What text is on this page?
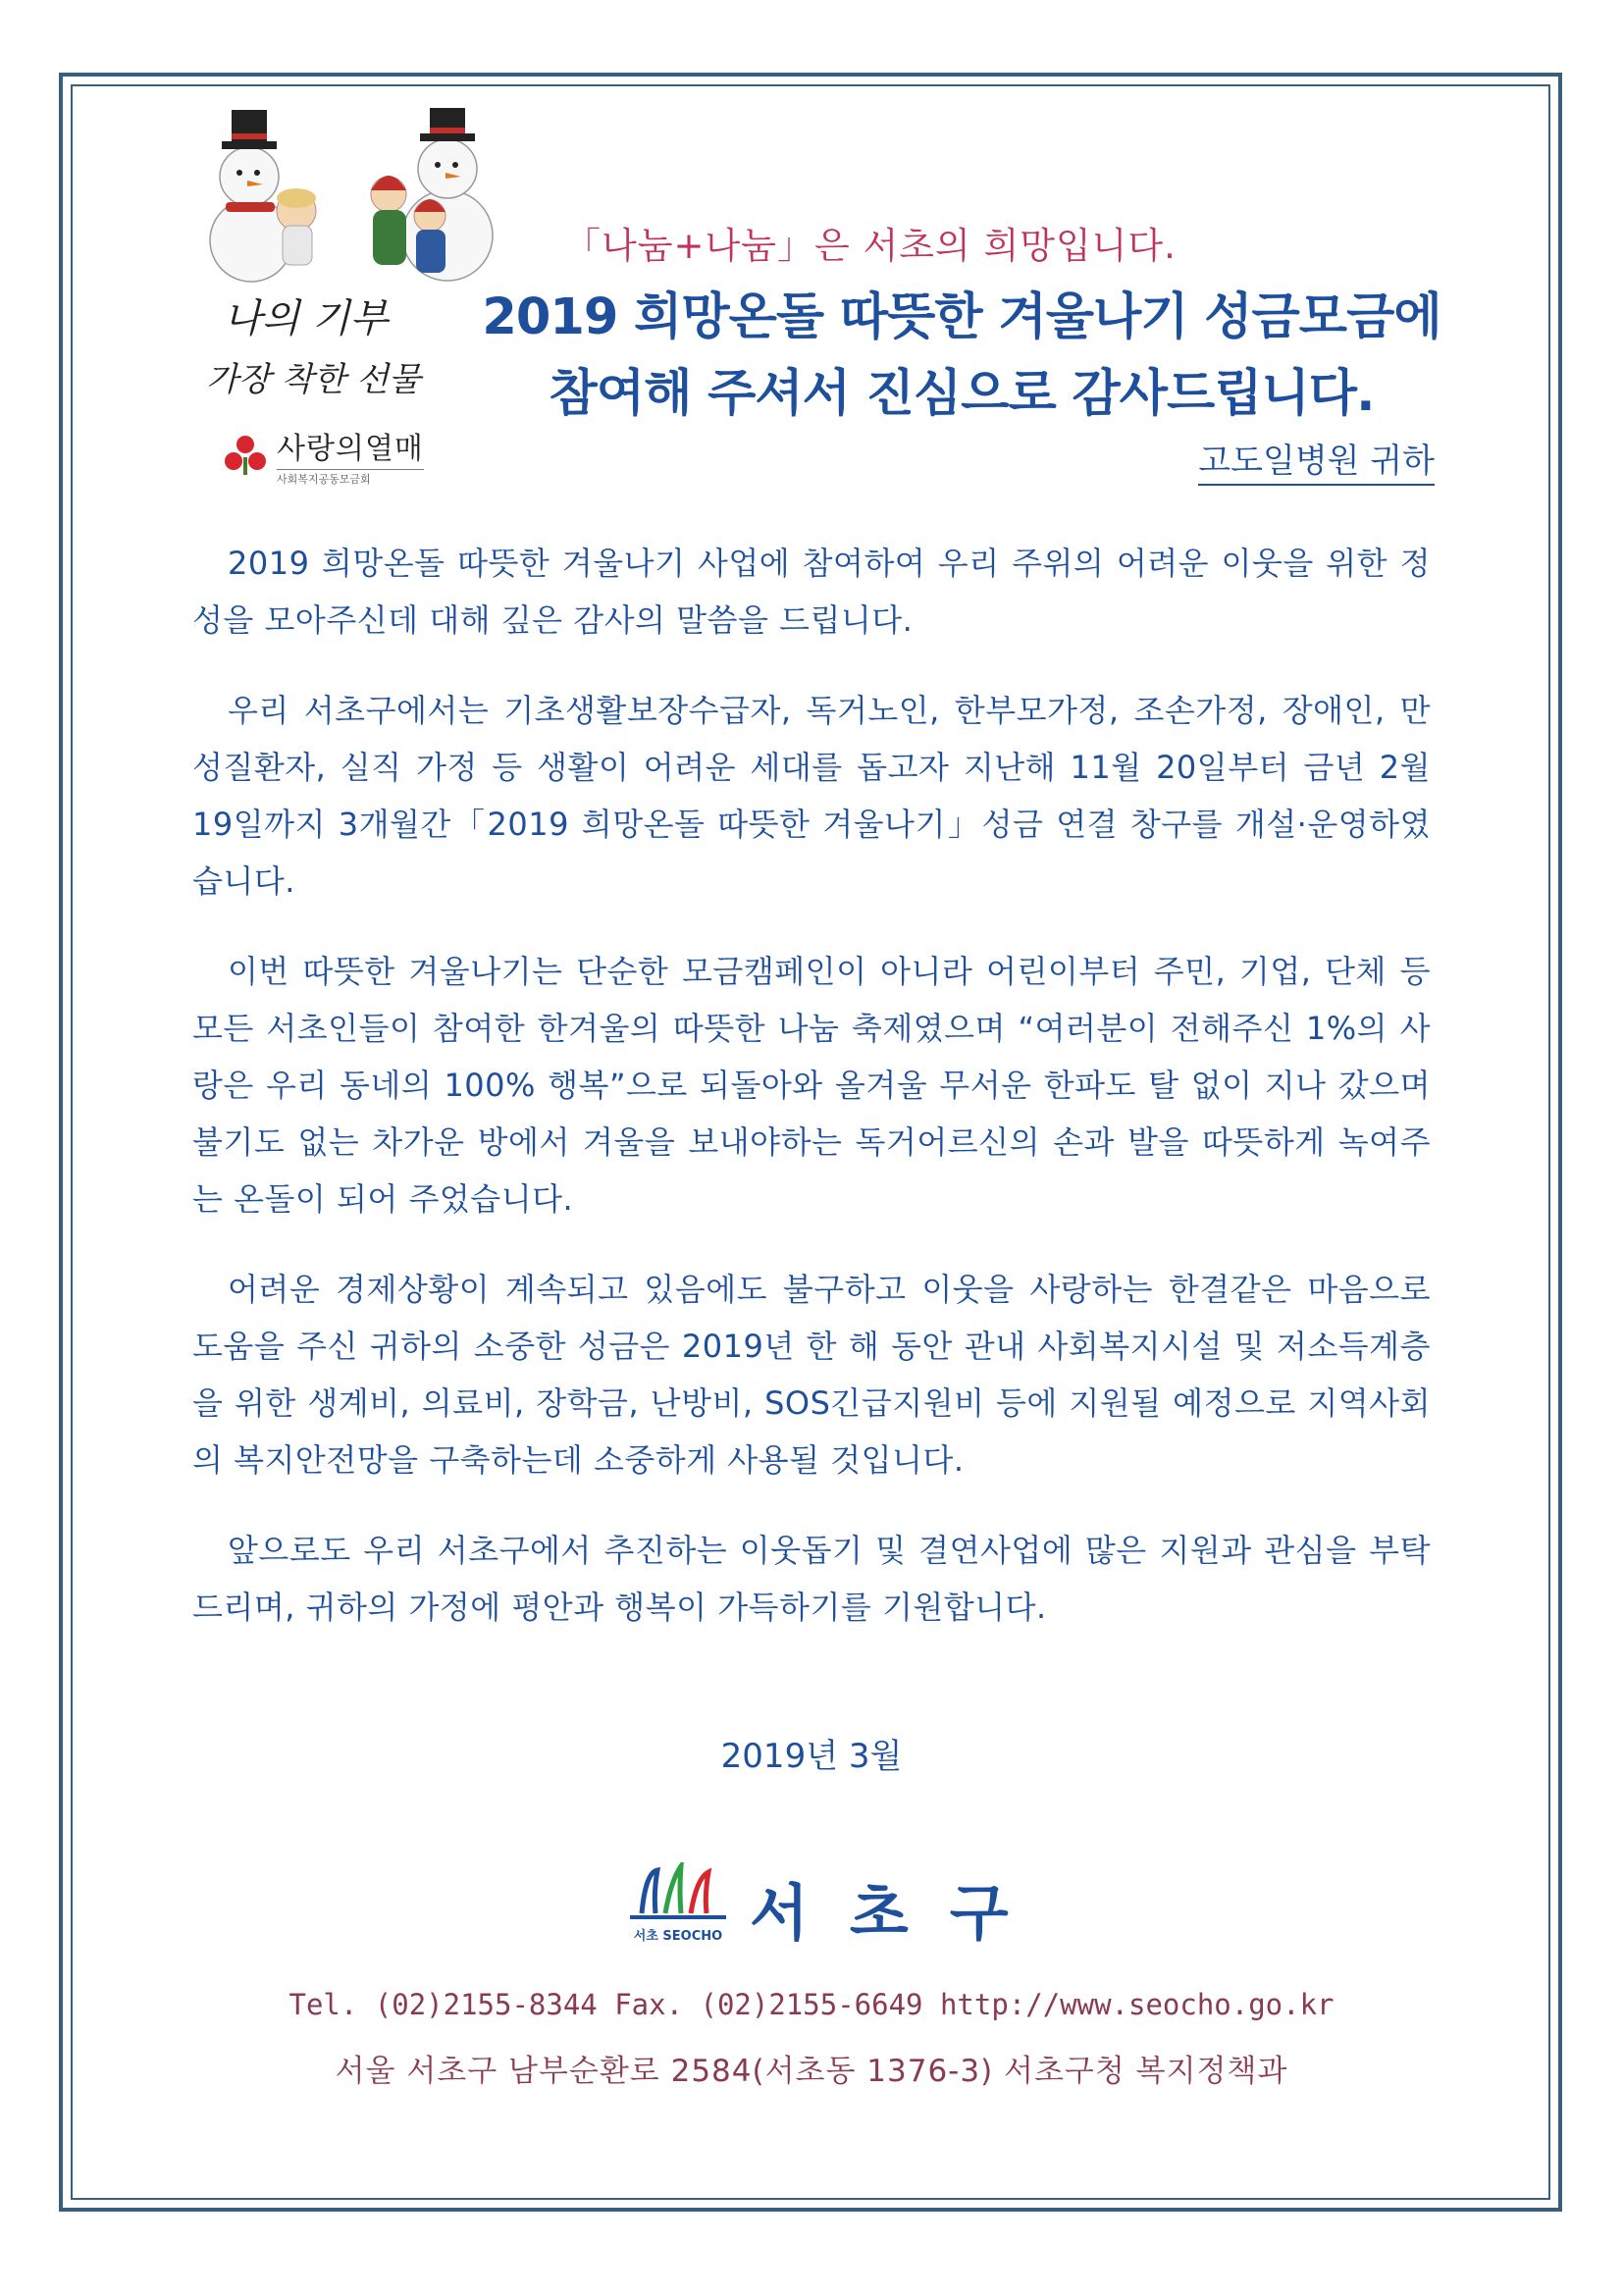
나의 기부
가장 착한 선물
사랑의열매
사회복지공동모금회
「나눔+나눔」은 서초의 희망입니다.
2019 희망온돌 따뜻한 겨울나기 성금모금에
참여해 주셔서 진심으로 감사드립니다.
고도일병원 귀하

2019 희망온돌 따뜻한 겨울나기 사업에 참여하여 우리 주위의 어려운 이웃을 위한 정성을 모아주신데 대해 깊은 감사의 말씀을 드립니다.

우리 서초구에서는 기초생활보장수급자, 독거노인, 한부모가정, 조손가정, 장애인, 만성질환자, 실직 가정 등 생활이 어려운 세대를 돕고자 지난해 11월 20일부터 금년 2월 19일까지 3개월간「2019 희망온돌 따뜻한 겨울나기」성금 연결 창구를 개설·운영하였습니다.

이번 따뜻한 겨울나기는 단순한 모금캠페인이 아니라 어린이부터 주민, 기업, 단체 등 모든 서초인들이 참여한 한겨울의 따뜻한 나눔 축제였으며 “여러분이 전해주신 1%의 사랑은 우리 동네의 100% 행복”으로 되돌아와 올겨울 무서운 한파도 탈 없이 지나 갔으며 불기도 없는 차가운 방에서 겨울을 보내야하는 독거어르신의 손과 발을 따뜻하게 녹여주는 온돌이 되어 주었습니다.

어려운 경제상황이 계속되고 있음에도 불구하고 이웃을 사랑하는 한결같은 마음으로 도움을 주신 귀하의 소중한 성금은 2019년 한 해 동안 관내 사회복지시설 및 저소득계층을 위한 생계비, 의료비, 장학금, 난방비, SOS긴급지원비 등에 지원될 예정으로 지역사회의 복지안전망을 구축하는데 소중하게 사용될 것입니다.

앞으로도 우리 서초구에서 추진하는 이웃돕기 및 결연사업에 많은 지원과 관심을 부탁드리며, 귀하의 가정에 평안과 행복이 가득하기를 기원합니다.

2019년 3월
서초 SEOCHO 서초구
Tel. (02)2155-8344 Fax. (02)2155-6649 http://www.seocho.go.kr
서울 서초구 남부순환로 2584(서초동 1376-3) 서초구청 복지정책과
